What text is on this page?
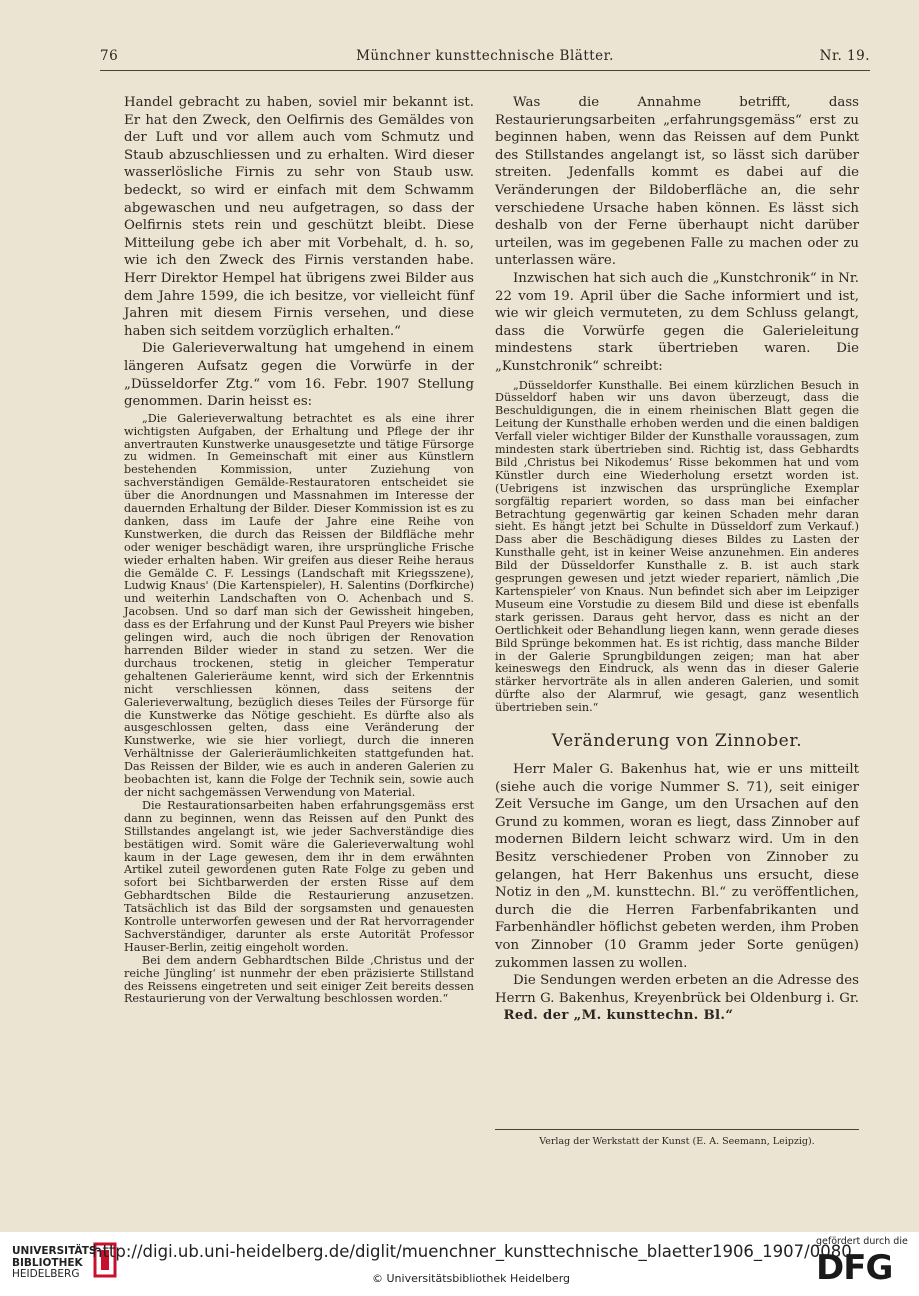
76	Münchner kunsttechnische Blätter.	Nr. 19.

Handel gebracht zu haben, soviel mir bekannt ist. Er hat den Zweck, den Oelfirnis des Gemäldes von der Luft und vor allem auch vom Schmutz und Staub abzuschliessen und zu erhalten. Wird dieser wasserlösliche Firnis zu sehr von Staub usw. bedeckt, so wird er einfach mit dem Schwamm abgewaschen und neu aufgetragen, so dass der Oelfirnis stets rein und geschützt bleibt. Diese Mitteilung gebe ich aber mit Vorbehalt, d. h. so, wie ich den Zweck des Firnis verstanden habe. Herr Direktor Hempel hat übrigens zwei Bilder aus dem Jahre 1599, die ich besitze, vor vielleicht fünf Jahren mit diesem Firnis versehen, und diese haben sich seitdem vorzüglich erhalten.“

Die Galerieverwaltung hat umgehend in einem längeren Aufsatz gegen die Vorwürfe in der „Düsseldorfer Ztg.“ vom 16. Febr. 1907 Stellung genommen. Darin heisst es:

„Die Galerieverwaltung betrachtet es als eine ihrer wichtigsten Aufgaben, der Erhaltung und Pflege der ihr anvertrauten Kunstwerke unausgesetzte und tätige Fürsorge zu widmen. In Gemeinschaft mit einer aus Künstlern bestehenden Kommission, unter Zuziehung von sachverständigen Gemälde-Restauratoren entscheidet sie über die Anordnungen und Massnahmen im Interesse der dauernden Erhaltung der Bilder. Dieser Kommission ist es zu danken, dass im Laufe der Jahre eine Reihe von Kunstwerken, die durch das Reissen der Bildfläche mehr oder weniger beschädigt waren, ihre ursprüngliche Frische wieder erhalten haben. Wir greifen aus dieser Reihe heraus die Gemälde C. F. Lessings (Landschaft mit Kriegsszene), Ludwig Knaus' (Die Kartenspieler), H. Salentins (Dorfkirche) und weiterhin Landschaften von O. Achenbach und S. Jacobsen. Und so darf man sich der Gewissheit hingeben, dass es der Erfahrung und der Kunst Paul Preyers wie bisher gelingen wird, auch die noch übrigen der Renovation harrenden Bilder wieder in stand zu setzen. Wer die durchaus trockenen, stetig in gleicher Temperatur gehaltenen Galerieräume kennt, wird sich der Erkenntnis nicht verschliessen können, dass seitens der Galerieverwaltung, bezüglich dieses Teiles der Fürsorge für die Kunstwerke das Nötige geschieht. Es dürfte also als ausgeschlossen gelten, dass eine Veränderung der Kunstwerke, wie sie hier vorliegt, durch die inneren Verhältnisse der Galerieräumlichkeiten stattgefunden hat. Das Reissen der Bilder, wie es auch in anderen Galerien zu beobachten ist, kann die Folge der Technik sein, sowie auch der nicht sachgemässen Verwendung von Material.

Die Restaurationsarbeiten haben erfahrungsgemäss erst dann zu beginnen, wenn das Reissen auf den Punkt des Stillstandes angelangt ist, wie jeder Sachverständige dies bestätigen wird. Somit wäre die Galerieverwaltung wohl kaum in der Lage gewesen, dem ihr in dem erwähnten Artikel zuteil gewordenen guten Rate Folge zu geben und sofort bei Sichtbarwerden der ersten Risse auf dem Gebhardtschen Bilde die Restaurierung anzusetzen. Tatsächlich ist das Bild der sorgsamsten und genauesten Kontrolle unterworfen gewesen und der Rat hervorragender Sachverständiger, darunter als erste Autorität Professor Hauser-Berlin, zeitig eingeholt worden.

Bei dem andern Gebhardtschen Bilde ‚Christus und der reiche Jüngling‘ ist nunmehr der eben präzisierte Stillstand des Reissens eingetreten und seit einiger Zeit bereits dessen Restaurierung von der Verwaltung beschlossen worden.“

Was die Annahme betrifft, dass Restaurierungsarbeiten „erfahrungsgemäss“ erst zu beginnen haben, wenn das Reissen auf dem Punkt des Stillstandes angelangt ist, so lässt sich darüber streiten. Jedenfalls kommt es dabei auf die Veränderungen der Bildoberfläche an, die sehr verschiedene Ursache haben können. Es lässt sich deshalb von der Ferne überhaupt nicht darüber urteilen, was im gegebenen Falle zu machen oder zu unterlassen wäre.

Inzwischen hat sich auch die „Kunstchronik“ in Nr. 22 vom 19. April über die Sache informiert und ist, wie wir gleich vermuteten, zu dem Schluss gelangt, dass die Vorwürfe gegen die Galerieleitung mindestens stark übertrieben waren. Die „Kunstchronik“ schreibt:

„Düsseldorfer Kunsthalle. Bei einem kürzlichen Besuch in Düsseldorf haben wir uns davon überzeugt, dass die Beschuldigungen, die in einem rheinischen Blatt gegen die Leitung der Kunsthalle erhoben werden und die einen baldigen Verfall vieler wichtiger Bilder der Kunsthalle voraussagen, zum mindesten stark übertrieben sind. Richtig ist, dass Gebhardts Bild ‚Christus bei Nikodemus‘ Risse bekommen hat und vom Künstler durch eine Wiederholung ersetzt worden ist. (Uebrigens ist inzwischen das ursprüngliche Exemplar sorgfältig repariert worden, so dass man bei einfacher Betrachtung gegenwärtig gar keinen Schaden mehr daran sieht. Es hängt jetzt bei Schulte in Düsseldorf zum Verkauf.) Dass aber die Beschädigung dieses Bildes zu Lasten der Kunsthalle geht, ist in keiner Weise anzunehmen. Ein anderes Bild der Düsseldorfer Kunsthalle z. B. ist auch stark gesprungen gewesen und jetzt wieder repariert, nämlich ‚Die Kartenspieler‘ von Knaus. Nun befindet sich aber im Leipziger Museum eine Vorstudie zu diesem Bild und diese ist ebenfalls stark gerissen. Daraus geht hervor, dass es nicht an der Oertlichkeit oder Behandlung liegen kann, wenn gerade dieses Bild Sprünge bekommen hat. Es ist richtig, dass manche Bilder in der Galerie Sprungbildungen zeigen; man hat aber keineswegs den Eindruck, als wenn das in dieser Galerie stärker hervorträte als in allen anderen Galerien, und somit dürfte also der Alarmruf, wie gesagt, ganz wesentlich übertrieben sein.“

Veränderung von Zinnober.

Herr Maler G. Bakenhus hat, wie er uns mitteilt (siehe auch die vorige Nummer S. 71), seit einiger Zeit Versuche im Gange, um den Ursachen auf den Grund zu kommen, woran es liegt, dass Zinnober auf modernen Bildern leicht schwarz wird. Um in den Besitz verschiedener Proben von Zinnober zu gelangen, hat Herr Bakenhus uns ersucht, diese Notiz in den „M. kunsttechn. Bl.“ zu veröffentlichen, durch die die Herren Farbenfabrikanten und Farbenhändler höflichst gebeten werden, ihm Proben von Zinnober (10 Gramm jeder Sorte genügen) zukommen lassen zu wollen.

Die Sendungen werden erbeten an die Adresse des Herrn G. Bakenhus, Kreyenbrück bei Oldenburg i. Gr.   Red. der „M. kunsttechn. Bl.“

Verlag der Werkstatt der Kunst (E. A. Seemann, Leipzig).
UNIVERSITÄTS-
BIBLIOTHEK
HEIDELBERG
http://digi.ub.uni-heidelberg.de/diglit/muenchner_kunsttechnische_blaetter1906_1907/0080
© Universitätsbibliothek Heidelberg
gefördert durch die
DFG
